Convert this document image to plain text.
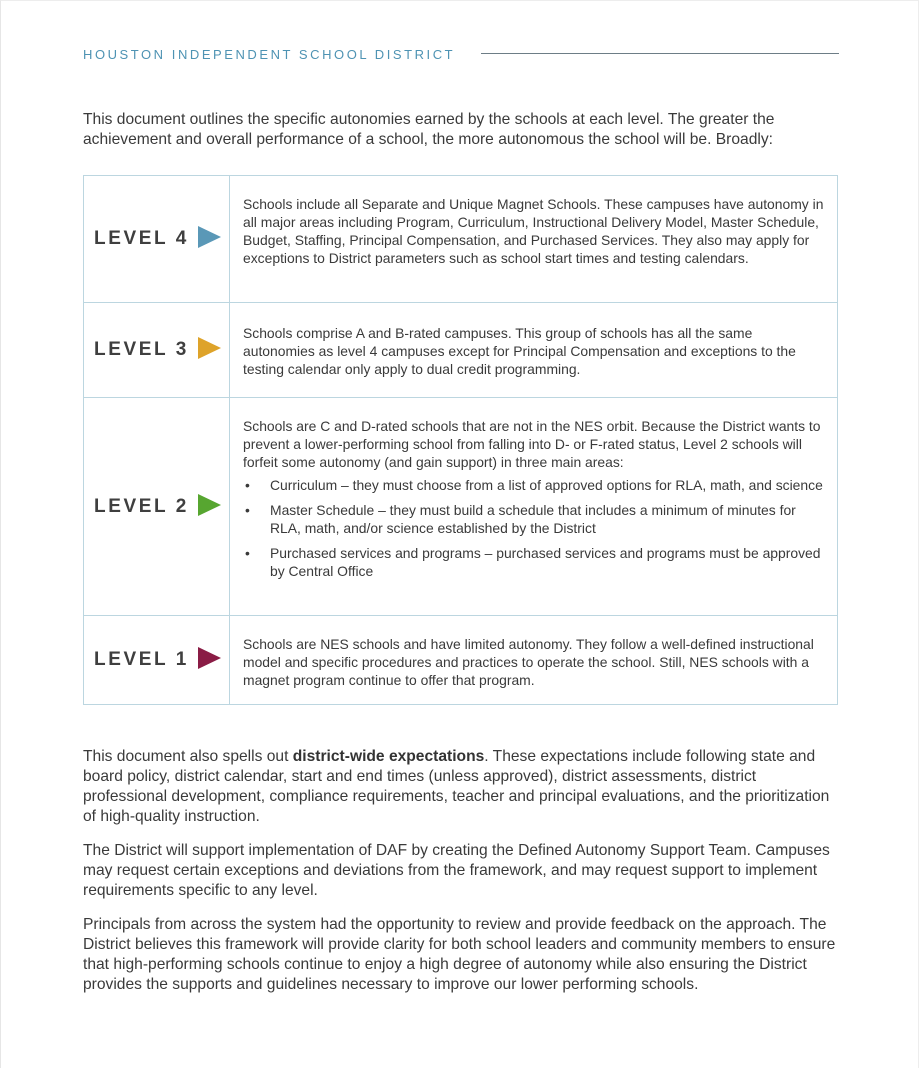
HOUSTON INDEPENDENT SCHOOL DISTRICT

This document outlines the specific autonomies earned by the schools at each level. The greater the achievement and overall performance of a school, the more autonomous the school will be. Broadly:

LEVEL 4

Schools include all Separate and Unique Magnet Schools. These campuses have autonomy in all major areas including Program, Curriculum, Instructional Delivery Model, Master Schedule, Budget, Staffing, Principal Compensation, and Purchased Services. They also may apply for exceptions to District parameters such as school start times and testing calendars.

LEVEL 3

Schools comprise A and B-rated campuses. This group of schools has all the same autonomies as level 4 campuses except for Principal Compensation and exceptions to the testing calendar only apply to dual credit programming.

LEVEL 2

Schools are C and D-rated schools that are not in the NES orbit. Because the District wants to prevent a lower-performing school from falling into D- or F-rated status, Level 2 schools will forfeit some autonomy (and gain support) in three main areas:

• Curriculum – they must choose from a list of approved options for RLA, math, and science
• Master Schedule – they must build a schedule that includes a minimum of minutes for RLA, math, and/or science established by the District
• Purchased services and programs – purchased services and programs must be approved by Central Office
LEVEL 1

Schools are NES schools and have limited autonomy. They follow a well-defined instructional model and specific procedures and practices to operate the school. Still, NES schools with a magnet program continue to offer that program.

This document also spells out district-wide expectations. These expectations include following state and board policy, district calendar, start and end times (unless approved), district assessments, district professional development, compliance requirements, teacher and principal evaluations, and the prioritization of high-quality instruction.

The District will support implementation of DAF by creating the Defined Autonomy Support Team. Campuses may request certain exceptions and deviations from the framework, and may request support to implement requirements specific to any level.

Principals from across the system had the opportunity to review and provide feedback on the approach. The District believes this framework will provide clarity for both school leaders and community members to ensure that high-performing schools continue to enjoy a high degree of autonomy while also ensuring the District provides the supports and guidelines necessary to improve our lower performing schools.
